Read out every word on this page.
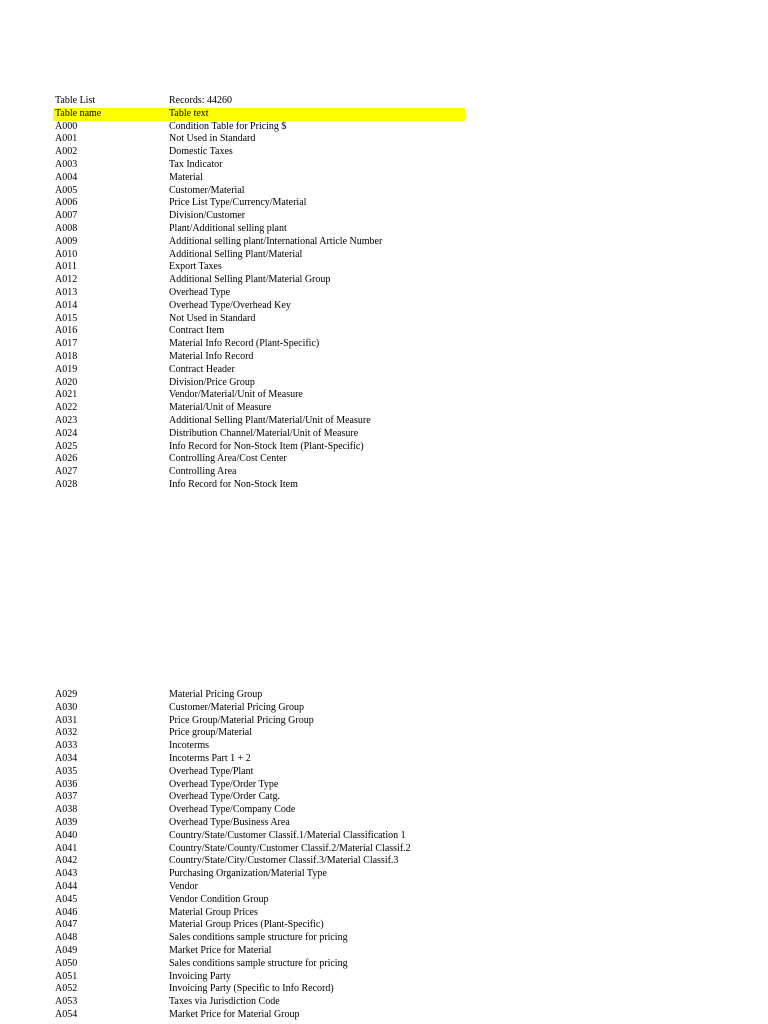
Table List	Records: 44260
Table name	Table text
A000	Condition Table for Pricing $
A001	Not Used in Standard
A002	Domestic Taxes
A003	Tax Indicator
A004	Material
A005	Customer/Material
A006	Price List Type/Currency/Material
A007	Division/Customer
A008	Plant/Additional selling plant
A009	Additional selling plant/International Article Number
A010	Additional Selling Plant/Material
A011	Export Taxes
A012	Additional Selling Plant/Material Group
A013	Overhead Type
A014	Overhead Type/Overhead Key
A015	Not Used in Standard
A016	Contract Item
A017	Material Info Record (Plant-Specific)
A018	Material Info Record
A019	Contract Header
A020	Division/Price Group
A021	Vendor/Material/Unit of Measure
A022	Material/Unit of Measure
A023	Additional Selling Plant/Material/Unit of Measure
A024	Distribution Channel/Material/Unit of Measure
A025	Info Record for Non-Stock Item (Plant-Specific)
A026	Controlling Area/Cost Center
A027	Controlling Area
A028	Info Record for Non-Stock Item
A029	Material Pricing Group
A030	Customer/Material Pricing Group
A031	Price Group/Material Pricing Group
A032	Price group/Material
A033	Incoterms
A034	Incoterms Part 1 + 2
A035	Overhead Type/Plant
A036	Overhead Type/Order Type
A037	Overhead Type/Order Catg.
A038	Overhead Type/Company Code
A039	Overhead Type/Business Area
A040	Country/State/Customer Classif.1/Material Classification 1
A041	Country/State/County/Customer Classif.2/Material Classif.2
A042	Country/State/City/Customer Classif.3/Material Classif.3
A043	Purchasing Organization/Material Type
A044	Vendor
A045	Vendor Condition Group
A046	Material Group Prices
A047	Material Group Prices (Plant-Specific)
A048	Sales conditions sample structure for pricing
A049	Market Price for Material
A050	Sales conditions sample structure for pricing
A051	Invoicing Party
A052	Invoicing Party (Specific to Info Record)
A053	Taxes via Jurisdiction Code
A054	Market Price for Material Group
